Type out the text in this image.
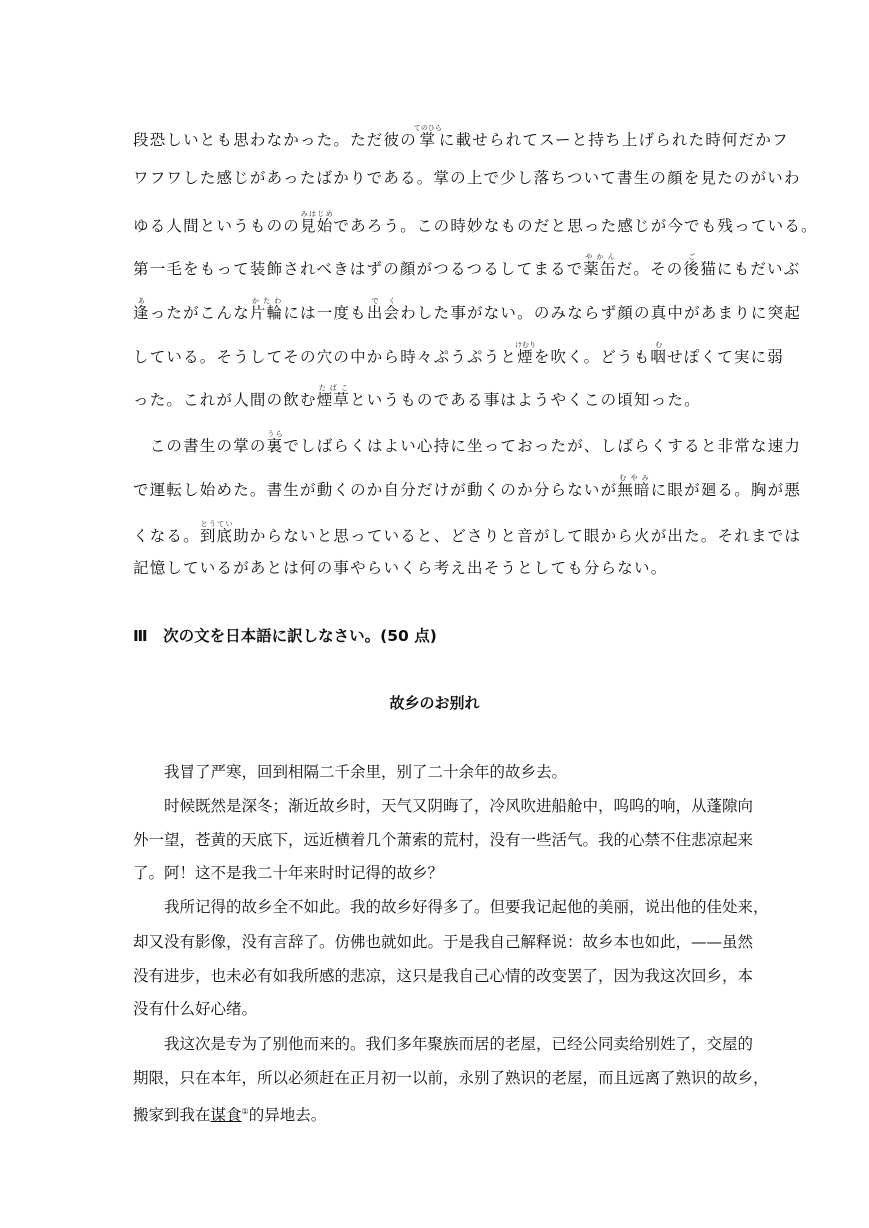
段恐しいとも思わなかった。ただ彼の掌てのひらに載せられてスーと持ち上げられた時何だかフ
ワフワした感じがあったばかりである。掌の上で少し落ちついて書生の顔を見たのがいわ
ゆる人間というものの見始みはじめであろう。この時妙なものだと思った感じが今でも残っている。
第一毛をもって装飾されべきはずの顔がつるつるしてまるで薬缶やかんだ。その後ご猫にもだいぶ
逢あったがこんな片輪かたわには一度も出で会くわした事がない。のみならず顔の真中があまりに突起
している。そうしてその穴の中から時々ぷうぷうと煙けむりを吹く。どうも咽むせぽくて実に弱
った。これが人間の飲む煙草たばこというものである事はようやくこの頃知った。
　この書生の掌の裏うらでしばらくはよい心持に坐っておったが、しばらくすると非常な速力
で運転し始めた。書生が動くのか自分だけが動くのか分らないが無暗むやみに眼が廻る。胸が悪
くなる。到底とうてい助からないと思っていると、どさりと音がして眼から火が出た。それまでは
記憶しているがあとは何の事やらいくら考え出そうとしても分らない。
Ⅲ　次の文を日本語に訳しなさい。(50 点)
故乡のお别れ
　　我冒了严寒，回到相隔二千余里，别了二十余年的故乡去。
　　时候既然是深冬；渐近故乡时，天气又阴晦了，冷风吹进船舱中，呜呜的响，从蓬隙向
外一望，苍黄的天底下，远近横着几个萧索的荒村，没有一些活气。我的心禁不住悲凉起来
了。阿！这不是我二十年来时时记得的故乡？
　　我所记得的故乡全不如此。我的故乡好得多了。但要我记起他的美丽，说出他的佳处来，
却又没有影像，没有言辞了。仿佛也就如此。于是我自己解释说：故乡本也如此，——虽然
没有进步，也未必有如我所感的悲凉，这只是我自己心情的改变罢了，因为我这次回乡，本
没有什么好心绪。
　　我这次是专为了别他而来的。我们多年聚族而居的老屋，已经公同卖给别姓了，交屋的
期限，只在本年，所以必须赶在正月初一以前，永别了熟识的老屋，而且远离了熟识的故乡，
搬家到我在谋食①的异地去。
